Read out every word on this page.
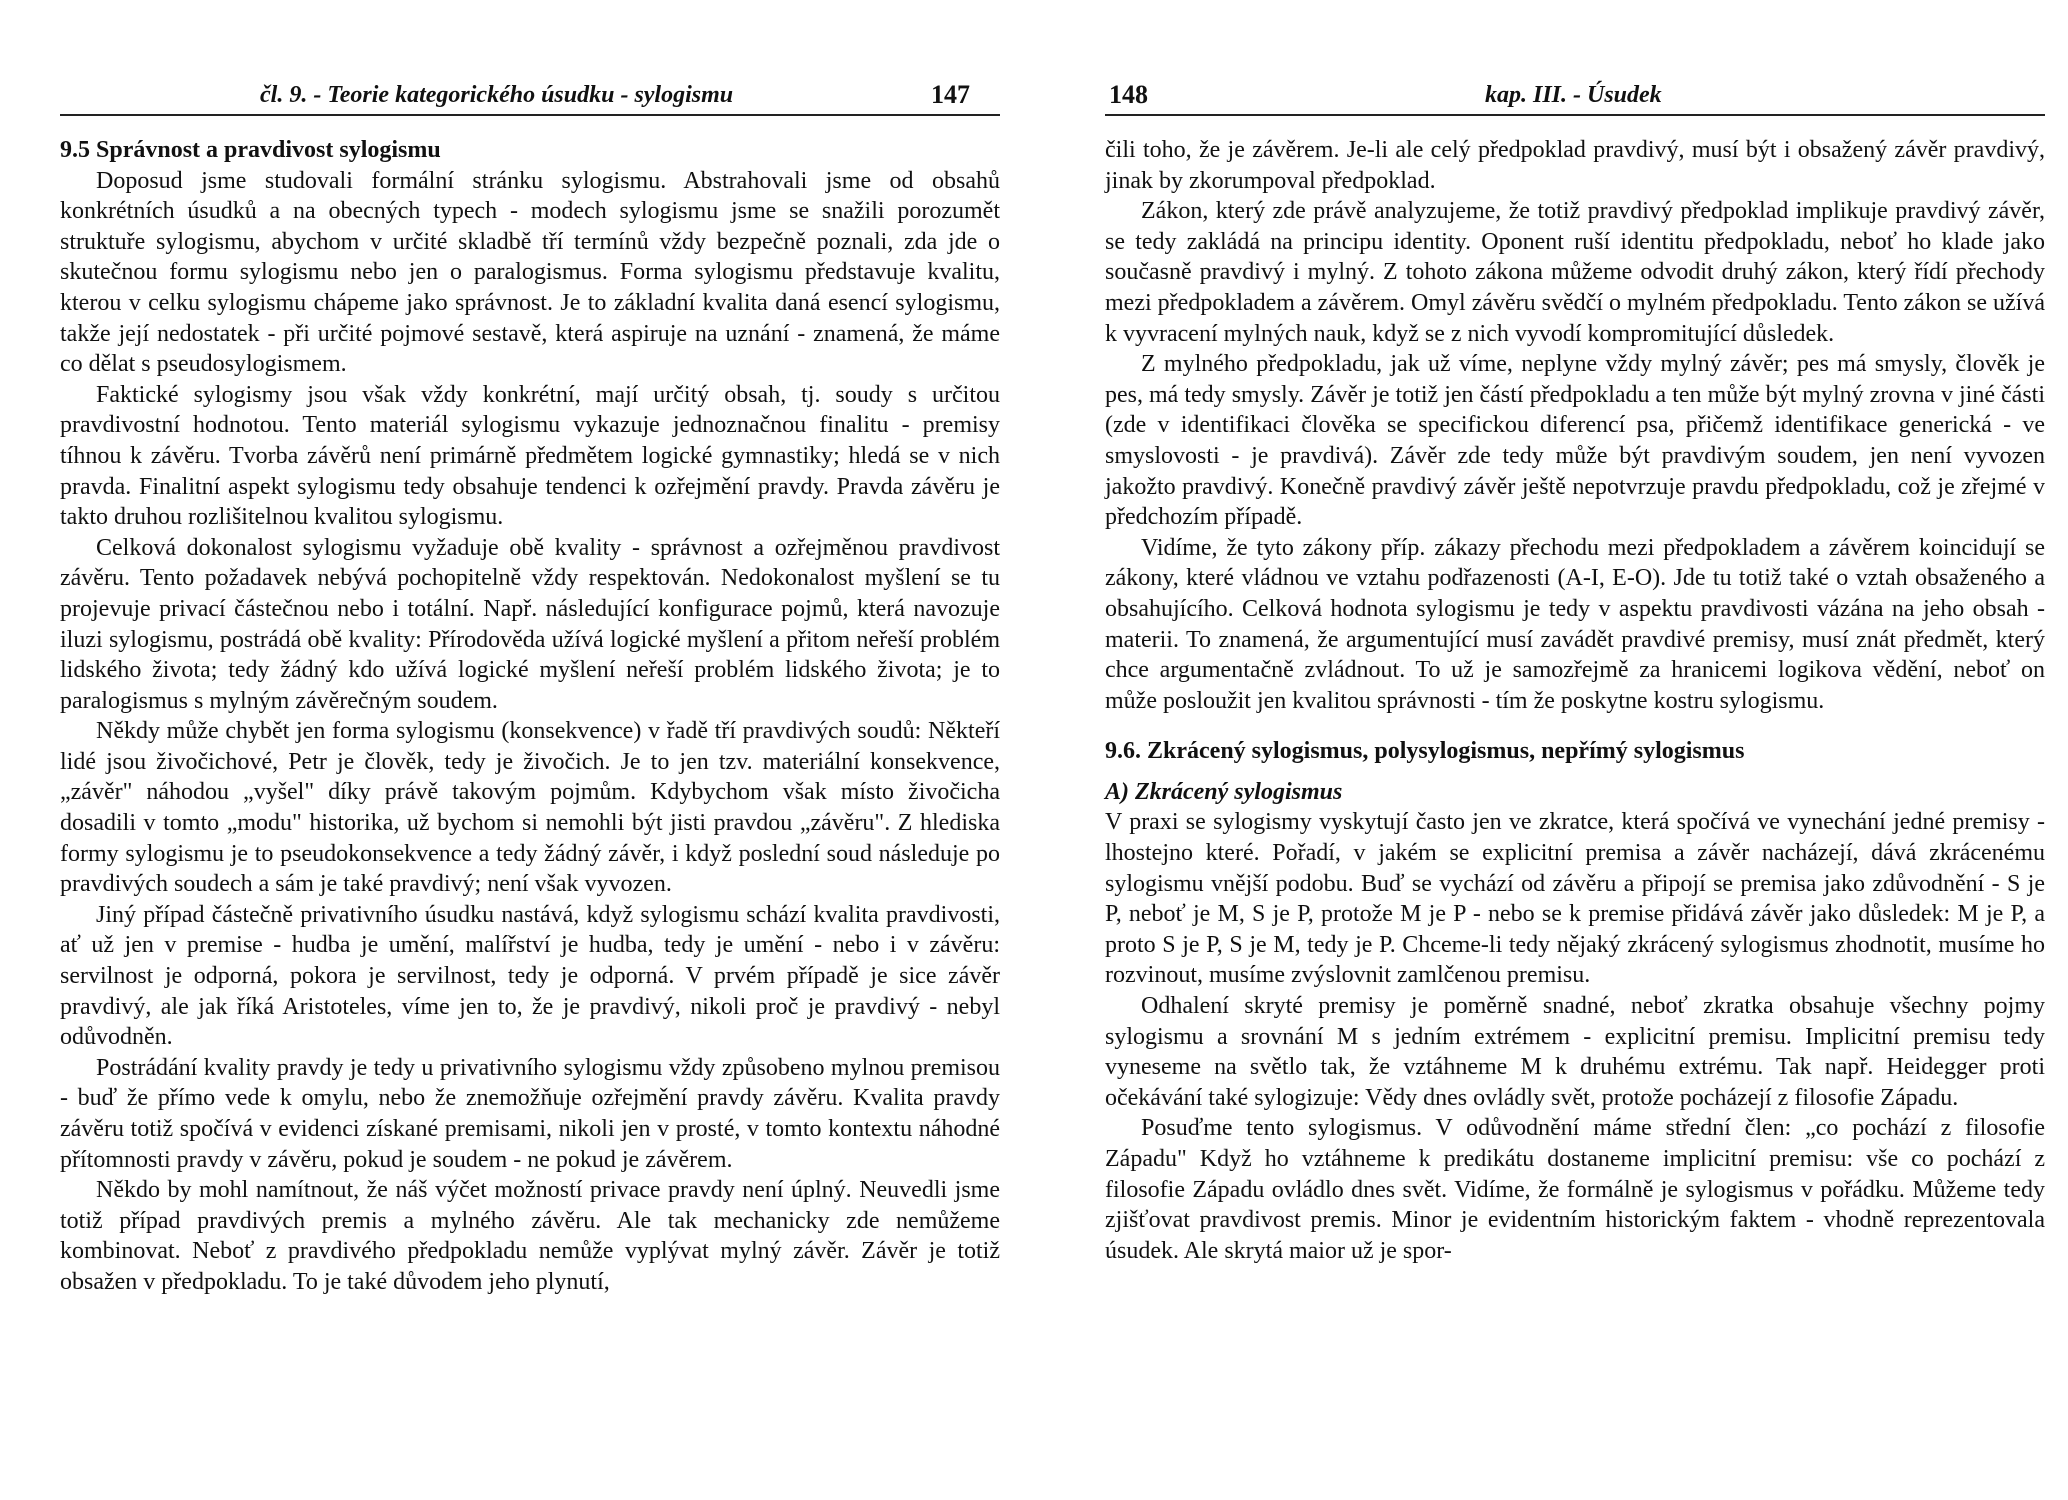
čl. 9. - Teorie kategorického úsudku - sylogismu	147
9.5 Správnost a pravdivost sylogismu

Doposud jsme studovali formální stránku sylogismu. Abstrahovali jsme od obsahů konkrétních úsudků a na obecných typech - modech sylogismu jsme se snažili porozumět struktuře sylogismu, abychom v určité skladbě tří termínů vždy bezpečně poznali, zda jde o skutečnou formu sylogismu nebo jen o paralogismus. Forma sylogismu představuje kvalitu, kterou v celku sylogismu chápeme jako správnost. Je to základní kvalita daná esencí sylogismu, takže její nedostatek - při určité pojmové sestavě, která aspiruje na uznání - znamená, že máme co dělat s pseudosylogismem.

Faktické sylogismy jsou však vždy konkrétní, mají určitý obsah, tj. soudy s určitou pravdivostní hodnotou. Tento materiál sylogismu vykazuje jednoznačnou finalitu - premisy tíhnou k závěru. Tvorba závěrů není primárně předmětem logické gymnastiky; hledá se v nich pravda. Finalitní aspekt sylogismu tedy obsahuje tendenci k ozřejmění pravdy. Pravda závěru je takto druhou rozlišitelnou kvalitou sylogismu.

Celková dokonalost sylogismu vyžaduje obě kvality - správnost a ozřejměnou pravdivost závěru. Tento požadavek nebývá pochopitelně vždy respektován. Nedokonalost myšlení se tu projevuje privací částečnou nebo i totální. Např. následující konfigurace pojmů, která navozuje iluzi sylogismu, postrádá obě kvality: Přírodověda užívá logické myšlení a přitom neřeší problém lidského života; tedy žádný kdo užívá logické myšlení neřeší problém lidského života; je to paralogismus s mylným závěrečným soudem.

Někdy může chybět jen forma sylogismu (konsekvence) v řadě tří pravdivých soudů: Někteří lidé jsou živočichové, Petr je člověk, tedy je živočich. Je to jen tzv. materiální konsekvence, „závěr" náhodou „vyšel" díky právě takovým pojmům. Kdybychom však místo živočicha dosadili v tomto „modu" historika, už bychom si nemohli být jisti pravdou „závěru". Z hlediska formy sylogismu je to pseudokonsekvence a tedy žádný závěr, i když poslední soud následuje po pravdivých soudech a sám je také pravdivý; není však vyvozen.

Jiný případ částečně privativního úsudku nastává, když sylogismu schází kvalita pravdivosti, ať už jen v premise - hudba je umění, malířství je hudba, tedy je umění - nebo i v závěru: servilnost je odporná, pokora je servilnost, tedy je odporná. V prvém případě je sice závěr pravdivý, ale jak říká Aristoteles, víme jen to, že je pravdivý, nikoli proč je pravdivý - nebyl odůvodněn.

Postrádání kvality pravdy je tedy u privativního sylogismu vždy způsobeno mylnou premisou - buď že přímo vede k omylu, nebo že znemožňuje ozřejmění pravdy závěru. Kvalita pravdy závěru totiž spočívá v evidenci získané premisami, nikoli jen v prosté, v tomto kontextu náhodné přítomnosti pravdy v závěru, pokud je soudem - ne pokud je závěrem.

Někdo by mohl namítnout, že náš výčet možností privace pravdy není úplný. Neuvedli jsme totiž případ pravdivých premis a mylného závěru. Ale tak mechanicky zde nemůžeme kombinovat. Neboť z pravdivého předpokladu nemůže vyplývat mylný závěr. Závěr je totiž obsažen v předpokladu. To je také důvodem jeho plynutí,

148	kap. III. - Úsudek

čili toho, že je závěrem. Je-li ale celý předpoklad pravdivý, musí být i obsažený závěr pravdivý, jinak by zkorumpoval předpoklad.

Zákon, který zde právě analyzujeme, že totiž pravdivý předpoklad implikuje pravdivý závěr, se tedy zakládá na principu identity. Oponent ruší identitu předpokladu, neboť ho klade jako současně pravdivý i mylný. Z tohoto zákona můžeme odvodit druhý zákon, který řídí přechody mezi předpokladem a závěrem. Omyl závěru svědčí o mylném předpokladu. Tento zákon se užívá k vyvracení mylných nauk, když se z nich vyvodí kompromitující důsledek.

Z mylného předpokladu, jak už víme, neplyne vždy mylný závěr; pes má smysly, člověk je pes, má tedy smysly. Závěr je totiž jen částí předpokladu a ten může být mylný zrovna v jiné části (zde v identifikaci člověka se specifickou diferencí psa, přičemž identifikace generická - ve smyslovosti - je pravdivá). Závěr zde tedy může být pravdivým soudem, jen není vyvozen jakožto pravdivý. Konečně pravdivý závěr ještě nepotvrzuje pravdu předpokladu, což je zřejmé v předchozím případě.

Vidíme, že tyto zákony příp. zákazy přechodu mezi předpokladem a závěrem koincidují se zákony, které vládnou ve vztahu podřazenosti (A-I, E-O). Jde tu totiž také o vztah obsaženého a obsahujícího. Celková hodnota sylogismu je tedy v aspektu pravdivosti vázána na jeho obsah - materii. To znamená, že argumentující musí zavádět pravdivé premisy, musí znát předmět, který chce argumentačně zvládnout. To už je samozřejmě za hranicemi logikova vědění, neboť on může posloužit jen kvalitou správnosti - tím že poskytne kostru sylogismu.

9.6. Zkrácený sylogismus, polysylogismus, nepřímý sylogismus
A) Zkrácený sylogismus

V praxi se sylogismy vyskytují často jen ve zkratce, která spočívá ve vynechání jedné premisy - lhostejno které. Pořadí, v jakém se explicitní premisa a závěr nacházejí, dává zkrácenému sylogismu vnější podobu. Buď se vychází od závěru a připojí se premisa jako zdůvodnění - S je P, neboť je M, S je P, protože M je P - nebo se k premise přidává závěr jako důsledek: M je P, a proto S je P, S je M, tedy je P. Chceme-li tedy nějaký zkrácený sylogismus zhodnotit, musíme ho rozvinout, musíme zvýslovnit zamlčenou premisu.

Odhalení skryté premisy je poměrně snadné, neboť zkratka obsahuje všechny pojmy sylogismu a srovnání M s jedním extrémem - explicitní premisu. Implicitní premisu tedy vyneseme na světlo tak, že vztáhneme M k druhému extrému. Tak např. Heidegger proti očekávání také sylogizuje: Vědy dnes ovládly svět, protože pocházejí z filosofie Západu.

Posuďme tento sylogismus. V odůvodnění máme střední člen: „co pochází z filosofie Západu" Když ho vztáhneme k predikátu dostaneme implicitní premisu: vše co pochází z filosofie Západu ovládlo dnes svět. Vidíme, že formálně je sylogismus v pořádku. Můžeme tedy zjišťovat pravdivost premis. Minor je evidentním historickým faktem - vhodně reprezentovala úsudek. Ale skrytá maior už je spor-
